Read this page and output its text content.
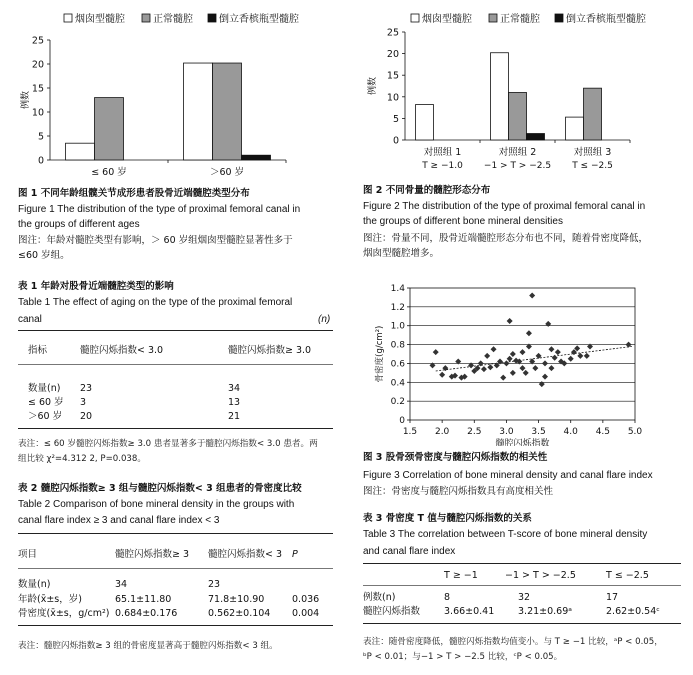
烟囱型髓腔	正常髓腔	倒立香槟瓶型髓腔
0
5
10
15
20
25
≤ 60 岁	＞60 岁
例数
烟囱型髓腔	正常髓腔	倒立香槟瓶型髓腔
0
5
10
15
20
25
对照组 1
T ≥ −1.0
对照组 2
−1 > T > −2.5
对照组 3
T ≤ −2.5
例数
图 1 不同年龄组髋关节成形患者股骨近端髓腔类型分布
Figure 1 The distribution of the type of proximal femoral canal in
the groups of different ages
图注：年龄对髓腔类型有影响，＞ 60 岁组烟囱型髓腔显著性多于
≤60 岁组。
图 2 不同骨量的髓腔形态分布
Figure 2 The distribution of the type of proximal femoral canal in
the groups of different bone mineral densities
图注：骨量不同，股骨近端髓腔形态分布也不同，随着骨密度降低，
烟囱型髓腔增多。
0
0.2
0.4
0.6
0.8
1.0
1.2
1.4
1.5 2.0 2.5 3.0 3.5 4.0 4.5 5.0
髓腔闪烁指数
骨密度(g/cm²)
图 3 股骨颈骨密度与髓腔闪烁指数的相关性
Figure 3 Correlation of bone mineral density and canal flare index
图注：骨密度与髓腔闪烁指数具有高度相关性
表 1 年龄对股骨近端髓腔类型的影响
Table 1 The effect of aging on the type of the proximal femoral
canal	(n)
指标	髓腔闪烁指数< 3.0	髓腔闪烁指数≥ 3.0
数量(n) 23	34
≤ 60 岁 3	13
＞60 岁 20	21
表注：≤ 60 岁髓腔闪烁指数≥ 3.0 患者显著多于髓腔闪烁指数< 3.0 患者。两
组比较 χ²=4.312 2, P=0.038。
表 2 髓腔闪烁指数≥ 3 组与髓腔闪烁指数< 3 组患者的骨密度比较
Table 2 Comparison of bone mineral density in the groups with
canal flare index ≥ 3 and canal flare index < 3
项目	髓腔闪烁指数≥ 3 髓腔闪烁指数< 3 P
数量(n)	34	23
年龄(x̄±s，岁)	65.1±11.80	71.8±10.90	0.036
骨密度(x̄±s，g/cm²) 0.684±0.176	0.562±0.104 0.004
表注：髓腔闪烁指数≥ 3 组的骨密度显著高于髓腔闪烁指数< 3 组。
表 3 骨密度 T 值与髓腔闪烁指数的关系
Table 3 The correlation between T-score of bone mineral density
and canal flare index
T ≥ −1	−1 > T > −2.5	T ≤ −2.5
例数(n)	8	32	17
髓腔闪烁指数	3.66±0.41 3.21±0.69ᵃ	2.62±0.54ᶜ
表注：随骨密度降低，髓腔闪烁指数均值变小。与 T ≥ −1 比较，ᵃP < 0.05，
ᵇP < 0.01；与−1 > T > −2.5 比较，ᶜP < 0.05。
